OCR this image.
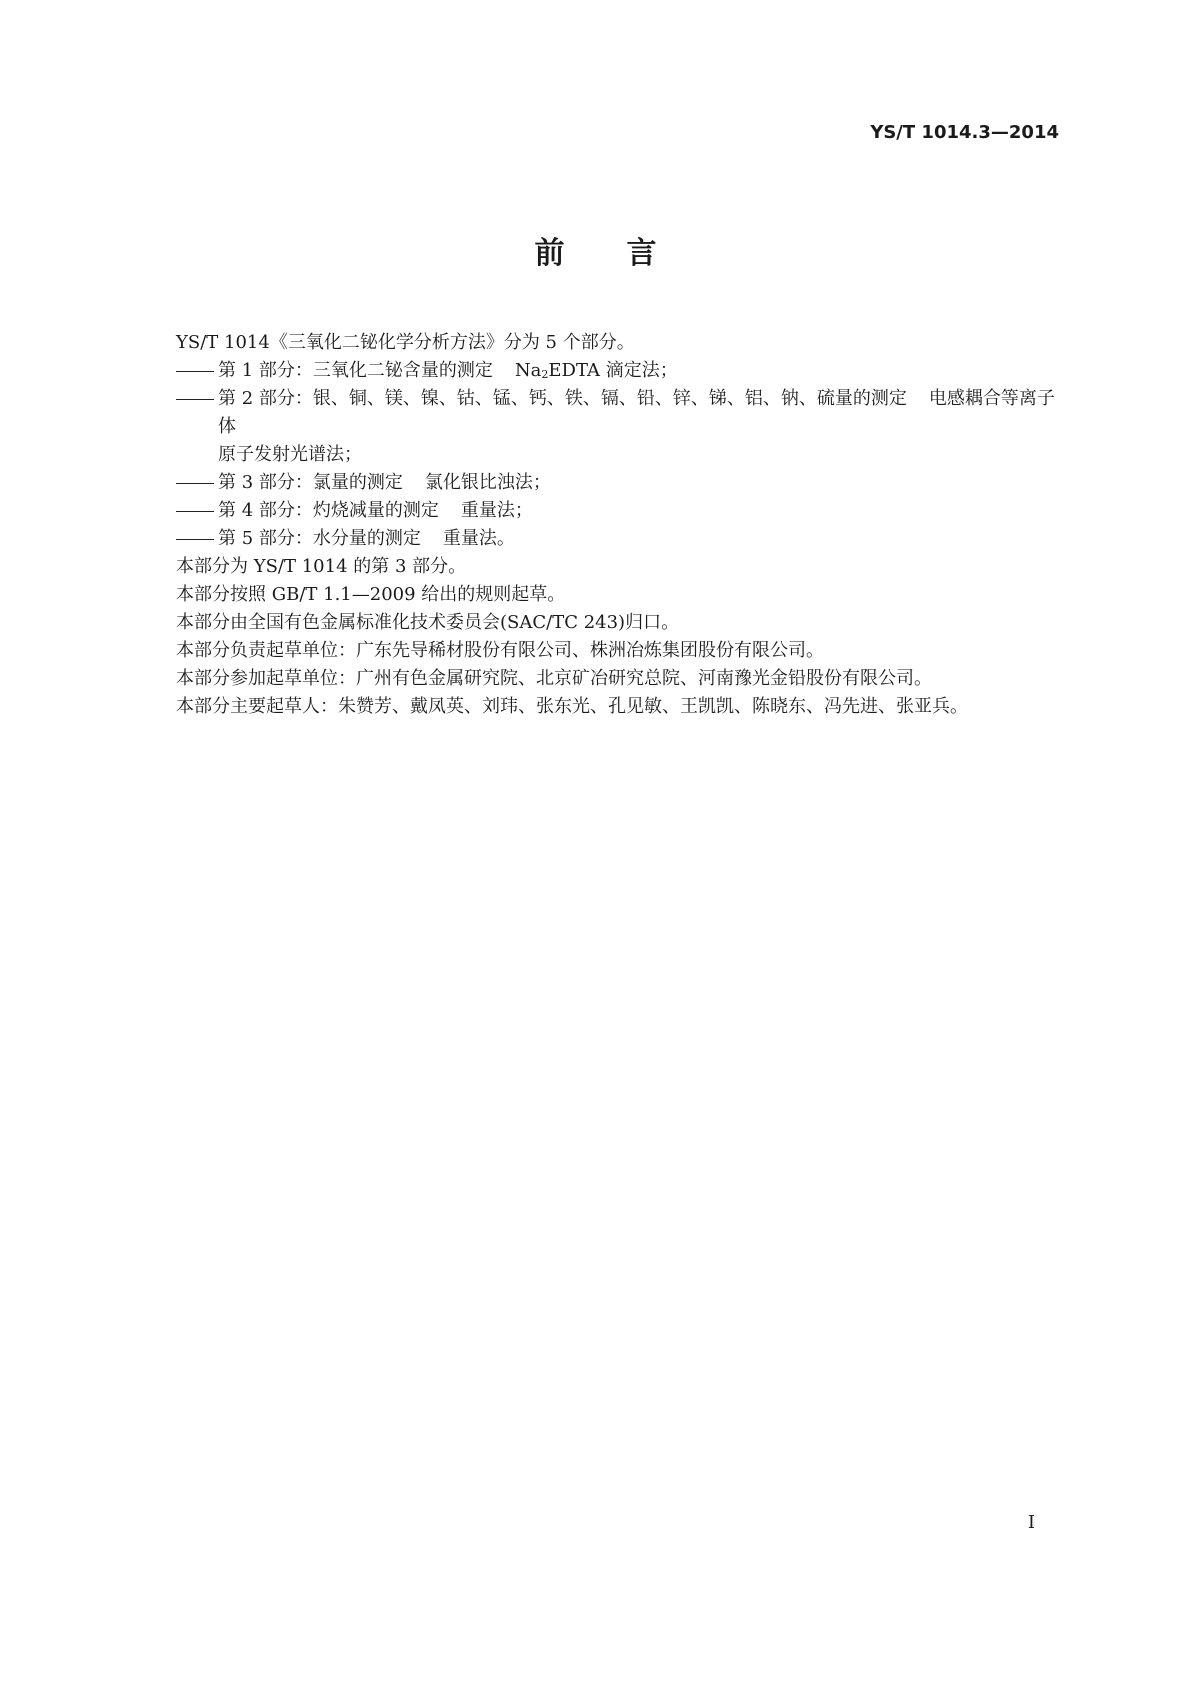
YS/T 1014.3—2014
前言
YS/T 1014《三氧化二铋化学分析方法》分为 5 个部分。
第 1 部分：三氧化二铋含量的测定 $Na_2EDTA$ 滴定法；
第 2 部分：银、铜、镁、镍、钴、锰、钙、铁、镉、铅、锌、锑、铝、钠、硫量的测定 电感耦合等离子体
原子发射光谱法；
第 3 部分：氯量的测定 氯化银比浊法；
第 4 部分：灼烧减量的测定 重量法；
第 5 部分：水分量的测定 重量法。
本部分为 YS/T 1014 的第 3 部分。
本部分按照 GB/T 1.1—2009 给出的规则起草。
本部分由全国有色金属标准化技术委员会(SAC/TC 243)归口。
本部分负责起草单位：广东先导稀材股份有限公司、株洲冶炼集团股份有限公司。
本部分参加起草单位：广州有色金属研究院、北京矿冶研究总院、河南豫光金铅股份有限公司。
本部分主要起草人：朱赞芳、戴凤英、刘玮、张东光、孔见敏、王凯凯、陈晓东、冯先进、张亚兵。
I
